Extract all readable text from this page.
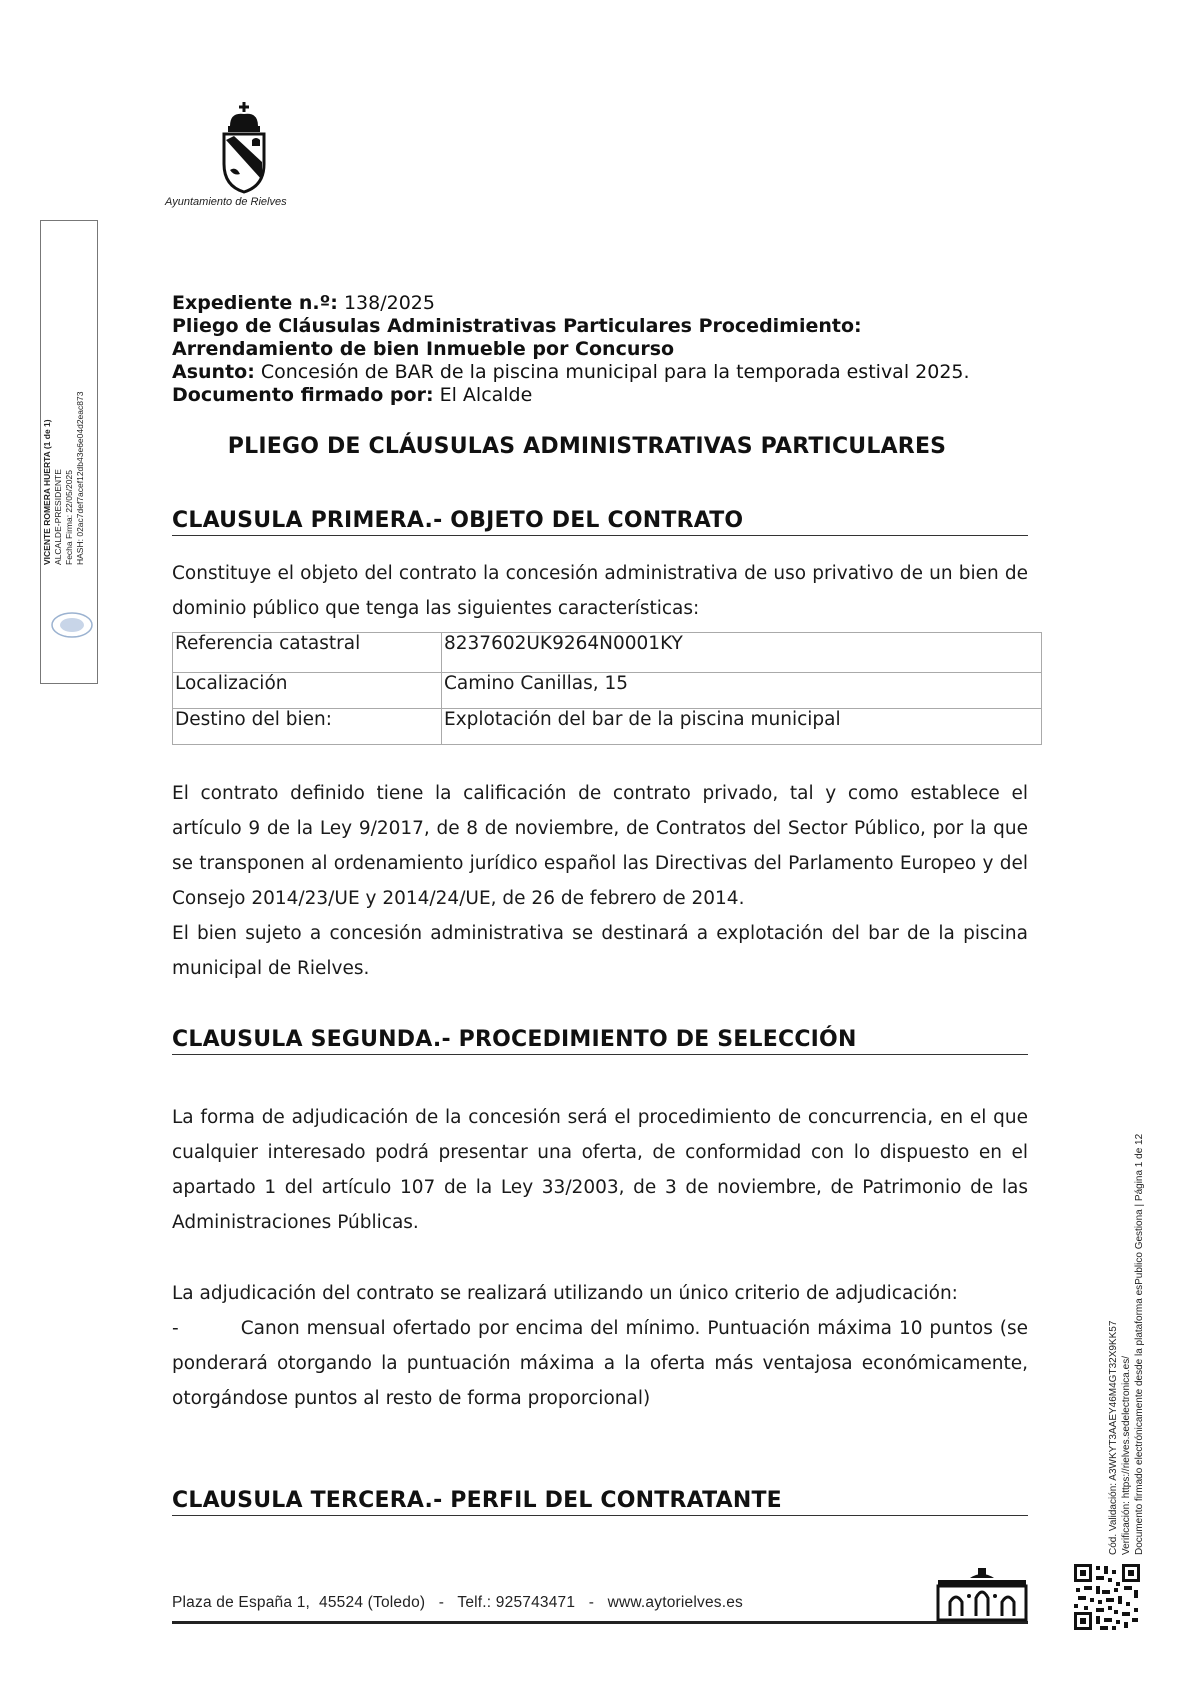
Ayuntamiento de Rielves
VICENTE ROMERA HUERTA (1 de 1) ALCALDE-PRESIDENTE Fecha Firma: 22/05/2025 HASH: 02ac7def7acef12db43e6e04d2eac873
Cód. Validación: A3WKYT3AAEY46M4GT32X9KK57 Verificación: https://rielves.sedelectronica.es/ Documento firmado electrónicamente desde la plataforma esPublico Gestiona | Página 1 de 12
Expediente n.º: 138/2025
Pliego de Cláusulas Administrativas Particulares Procedimiento:
Arrendamiento de bien Inmueble por Concurso
Asunto: Concesión de BAR de la piscina municipal para la temporada estival 2025.
Documento firmado por: El Alcalde
PLIEGO DE CLÁUSULAS ADMINISTRATIVAS PARTICULARES
CLAUSULA PRIMERA.- OBJETO DEL CONTRATO
Constituye el objeto del contrato la concesión administrativa de uso privativo de un bien de dominio público que tenga las siguientes características:
Referencia catastral	8237602UK9264N0001KY
Localización	Camino Canillas, 15
Destino del bien:	Explotación del bar de la piscina municipal

El contrato definido tiene la calificación de contrato privado, tal y como establece el artículo 9 de la Ley 9/2017, de 8 de noviembre, de Contratos del Sector Público, por la que se transponen al ordenamiento jurídico español las Directivas del Parlamento Europeo y del Consejo 2014/23/UE y 2014/24/UE, de 26 de febrero de 2014.

El bien sujeto a concesión administrativa se destinará a explotación del bar de la piscina municipal de Rielves.

CLAUSULA SEGUNDA.- PROCEDIMIENTO DE SELECCIÓN
La forma de adjudicación de la concesión será el procedimiento de concurrencia, en el que cualquier interesado podrá presentar una oferta, de conformidad con lo dispuesto en el apartado 1 del artículo 107 de la Ley 33/2003, de 3 de noviembre, de Patrimonio de las Administraciones Públicas.

La adjudicación del contrato se realizará utilizando un único criterio de adjudicación:

-	Canon mensual ofertado por encima del mínimo. Puntuación máxima 10 puntos (se ponderará otorgando la puntuación máxima a la oferta más ventajosa económicamente, otorgándose puntos al resto de forma proporcional)

CLAUSULA TERCERA.- PERFIL DEL CONTRATANTE
Plaza de España 1,  45524 (Toledo)   -   Telf.: 925743471   -   www.aytorielves.es
